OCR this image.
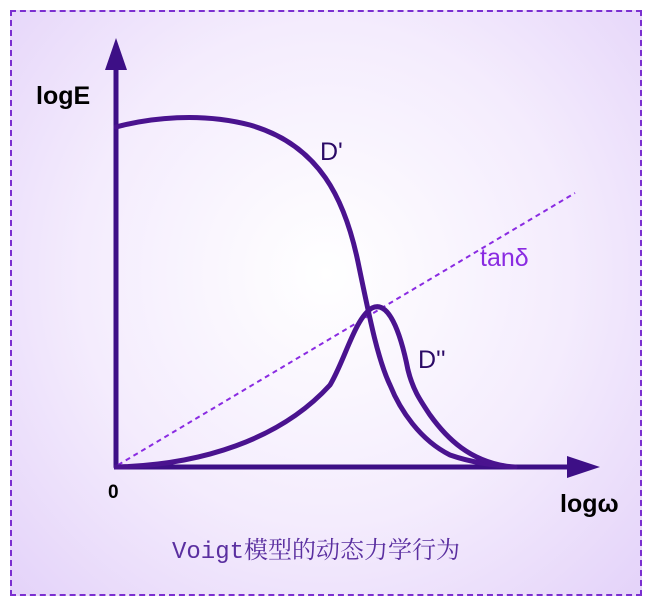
logE
logω
0
D'
D''
tanδ
Voigt模型的动态力学行为
